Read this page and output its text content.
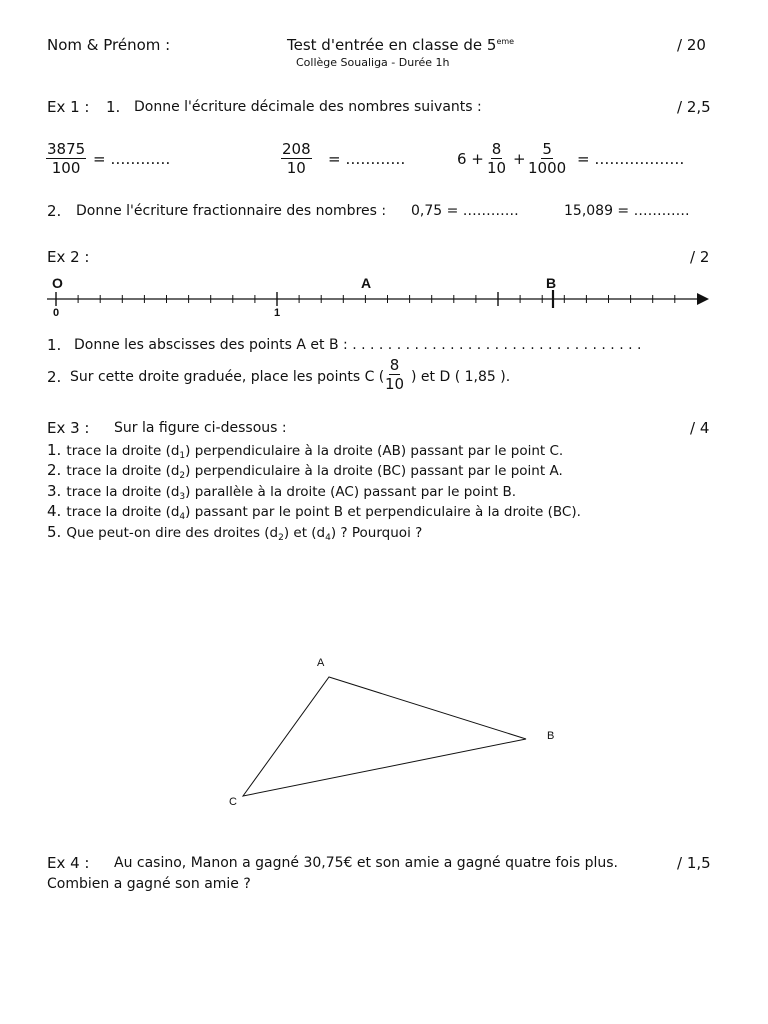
Nom & Prénom :	Test d'entrée en classe de 5eme
Collège Soualiga - Durée 1h
/ 20
Ex 1 : 1. Donne l'écriture décimale des nombres suivants :	/ 2,5
$\frac{3875}{100}$ = …………	$\frac{208}{10}$ = …………	$6 + \frac{8}{10} + \frac{5}{1000}$ = ………………
2. Donne l'écriture fractionnaire des nombres : 0,75 = …………	15,089 = …………
Ex 2 :	/ 2
O	A	B
0	1
1. Donne les abscisses des points A et B : . . . . . . . . . . . . . . . . . . . . . . . . . . . . . . . . .
2. Sur cette droite graduée, place les points C ( $\frac{8}{10}$ ) et D ( 1,85 ).
Ex 3 : Sur la figure ci-dessous :	/ 4
1. trace la droite $(d_1)$ perpendiculaire à la droite (AB) passant par le point C.
2. trace la droite $(d_2)$ perpendiculaire à la droite (BC) passant par le point A.
3. trace la droite $(d_3)$ parallèle à la droite (AC) passant par le point B.
4. trace la droite $(d_4)$ passant par le point B et perpendiculaire à la droite (BC).
5. Que peut-on dire des droites $(d_2)$ et $(d_4)$ ? Pourquoi ?
A
B
C
Ex 4 : Au casino, Manon a gagné 30,75€ et son amie a gagné quatre fois plus.	/ 1,5
Combien a gagné son amie ?
